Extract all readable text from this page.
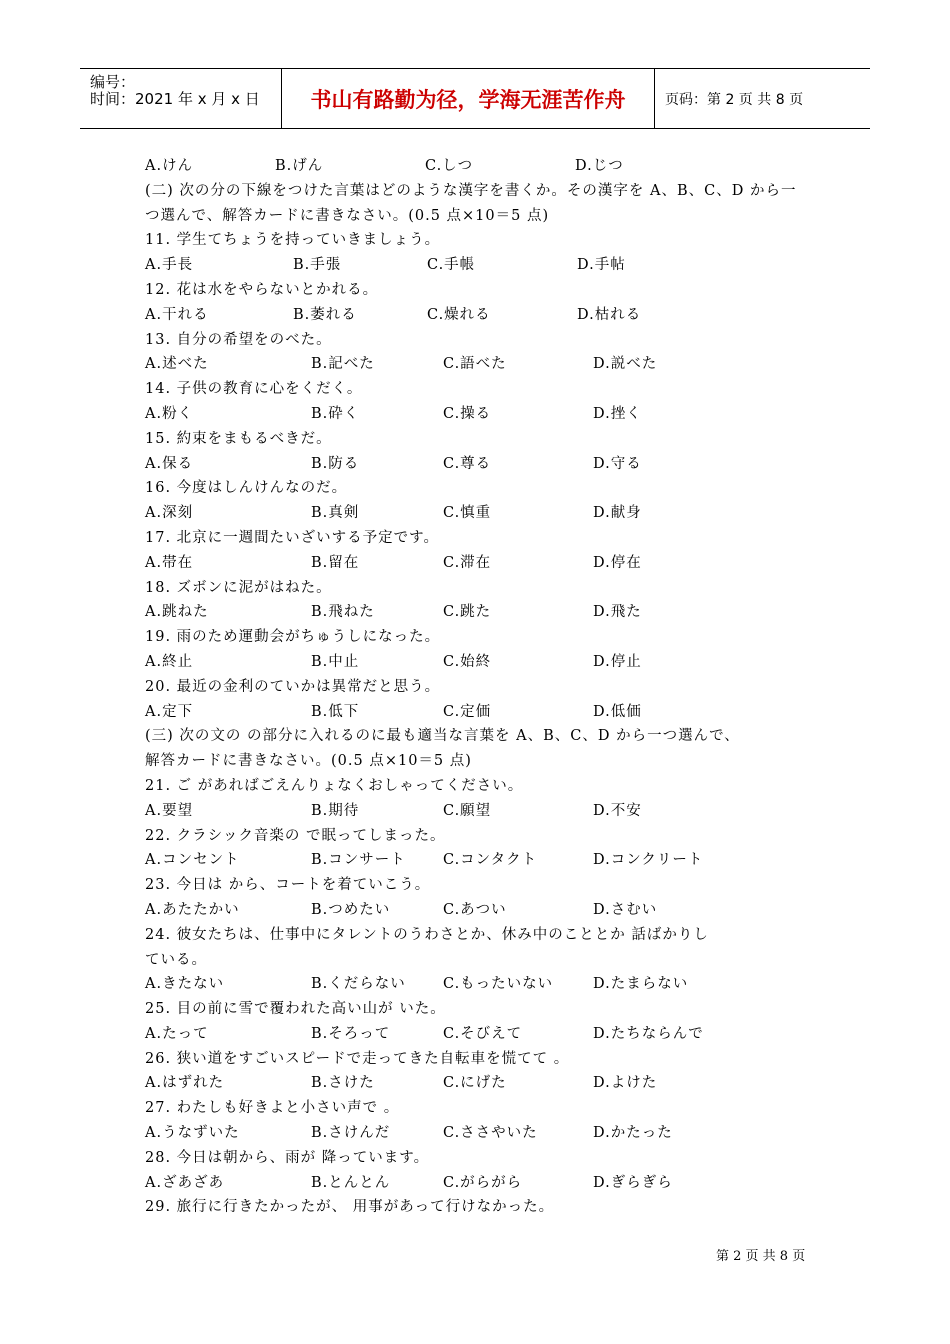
编号：
时间：2021 年 x 月 x 日	书山有路勤为径，学海无涯苦作舟	页码：第 2 页 共 8 页
A.けん	B.げん	C.しつ	D.じつ
(二) 次の分の下線をつけた言葉はどのような漢字を書くか。その漢字を A、B、C、D から一
つ選んで、解答カードに書きなさい。(0.5 点×10＝5 点)
11. 学生てちょうを持っていきましょう。
A.手長	B.手張	C.手帳	D.手帖
12. 花は水をやらないとかれる。
A.干れる	B.萎れる	C.燥れる	D.枯れる
13. 自分の希望をのべた。
A.述べた	B.記べた	C.語べた	D.説べた
14. 子供の教育に心をくだく。
A.粉く	B.砕く	C.操る	D.挫く
15. 約束をまもるべきだ。
A.保る	B.防る	C.尊る	D.守る
16. 今度はしんけんなのだ。
A.深刻	B.真剣	C.慎重	D.献身
17. 北京に一週間たいざいする予定です。
A.帯在	B.留在	C.滞在	D.停在
18. ズボンに泥がはねた。
A.跳ねた	B.飛ねた	C.跳た	D.飛た
19. 雨のため運動会がちゅうしになった。
A.終止	B.中止	C.始終	D.停止
20. 最近の金利のていかは異常だと思う。
A.定下	B.低下	C.定価	D.低価
(三) 次の文の の部分に入れるのに最も適当な言葉を A、B、C、D から一つ選んで、
解答カードに書きなさい。(0.5 点×10＝5 点)
21. ご があればごえんりょなくおしゃってください。
A.要望	B.期待	C.願望	D.不安
22. クラシック音楽の で眠ってしまった。
A.コンセント	B.コンサート	C.コンタクト	D.コンクリート
23. 今日は から、コートを着ていこう。
A.あたたかい	B.つめたい	C.あつい	D.さむい
24. 彼女たちは、仕事中にタレントのうわさとか、休み中のこととか 話ばかりし
ている。
A.きたない	B.くだらない	C.もったいない	D.たまらない
25. 目の前に雪で覆われた高い山が いた。
A.たって	B.そろって	C.そびえて	D.たちならんで
26. 狭い道をすごいスピードで走ってきた自転車を慌てて 。
A.はずれた	B.さけた	C.にげた	D.よけた
27. わたしも好きよと小さい声で 。
A.うなずいた	B.さけんだ	C.ささやいた	D.かたった
28. 今日は朝から、雨が 降っています。
A.ざあざあ	B.とんとん	C.がらがら	D.ぎらぎら
29. 旅行に行きたかったが、 用事があって行けなかった。
第 2 页 共 8 页
